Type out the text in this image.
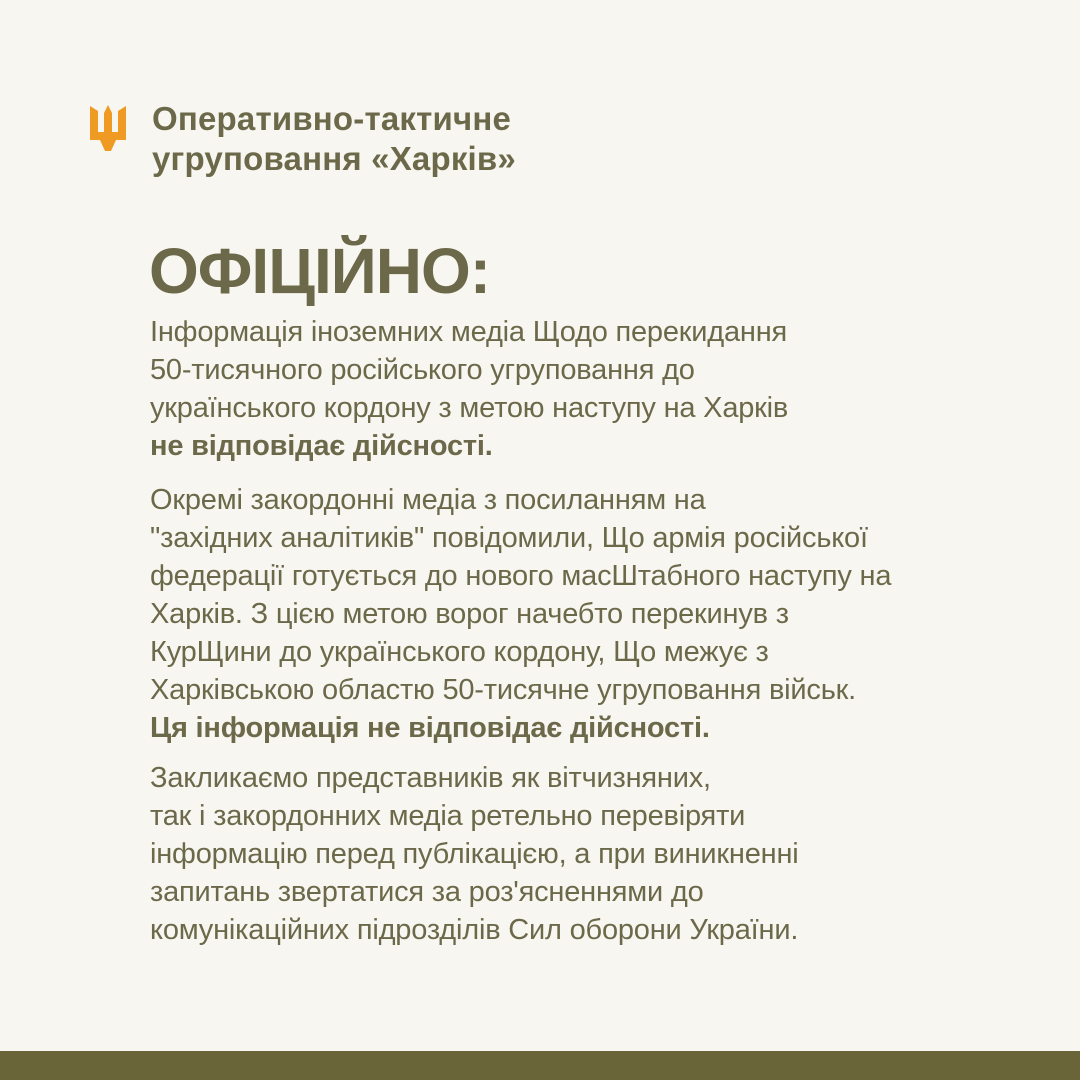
Оперативно-тактичне
угруповання «Харків»
ОФІЦІЙНО:
Інформація іноземних медіа Щодо перекидання
50-тисячного російського угруповання до
українського кордону з метою наступу на Харків
не відповідає дійсності.
Окремі закордонні медіа з посиланням на
"західних аналітиків" повідомили, Що армія російської
федерації готується до нового масШтабного наступу на
Харків. З цією метою ворог начебто перекинув з
КурЩини до українського кордону, Що межує з
Харківською областю 50-тисячне угруповання військ.
Ця інформація не відповідає дійсності.
Закликаємо представників як вітчизняних,
так і закордонних медіа ретельно перевіряти
інформацію перед публікацією, а при виникненні
запитань звертатися за роз'ясненнями до
комунікаційних підрозділів Сил оборони України.
